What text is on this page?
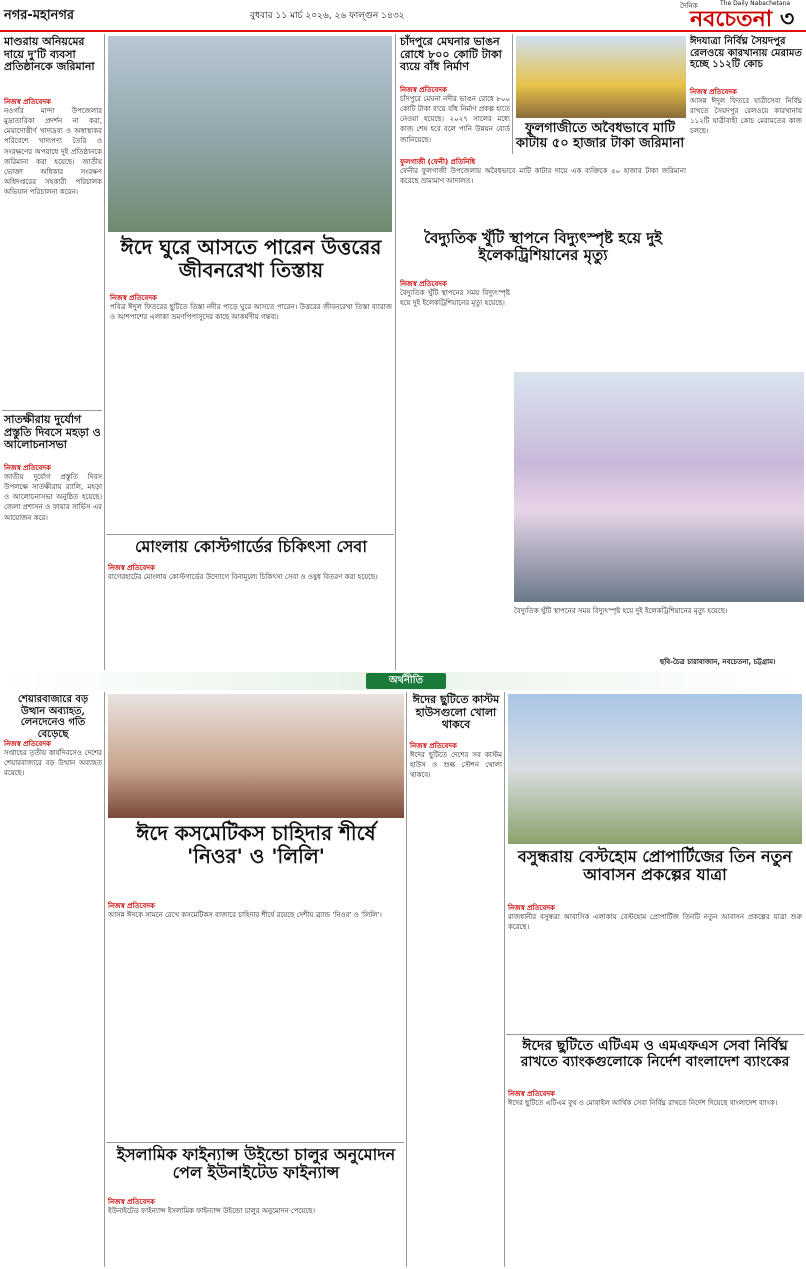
নগর-মহানগর	বুধবার ১১ মার্চ ২০২৬, ২৬ ফাল্গুন ১৪৩২	নবচেতনা
দৈনিক	The Daily Nabachetana
৩
মাণ্ডরায় অনিয়মের দায়ে দু'টি ব্যবসা প্রতিষ্ঠানকে জরিমানা
নিজস্ব প্রতিবেদক
নওগাঁর মান্দা উপজেলার মুদ্রাতারিকা প্রদর্শন না করা, মেয়াদোত্তীর্ণ খাদ্যদ্রব্য ও অস্বাস্থ্যকর পরিবেশে খাদ্যপণ্য তৈরি ও সংরক্ষণের অপরাধে দুই প্রতিষ্ঠানকে জরিমানা করা হয়েছে। জাতীয় ভোক্তা অধিকার সংরক্ষণ অধিদপ্তরের সহকারী পরিচালক অভিযান পরিচালনা করেন।
সাতক্ষীরায় দুর্যোগ প্রস্তুতি দিবসে মহড়া ও আলোচনাসভা
নিজস্ব প্রতিবেদক
জাতীয় দুর্যোগ প্রস্তুতি দিবস উপলক্ষে সাতক্ষীরায় র‍্যালি, মহড়া ও আলোচনাসভা অনুষ্ঠিত হয়েছে। জেলা প্রশাসন ও ফায়ার সার্ভিস এর আয়োজন করে।
ঈদে ঘুরে আসতে পারেন উত্তরের জীবনরেখা তিস্তায়
নিজস্ব প্রতিবেদক
পবিত্র ঈদুল ফিতরের ছুটিতে তিস্তা নদীর পাড়ে ঘুরে আসতে পারেন। উত্তরের জীবনরেখা তিস্তা ব্যারাজ ও আশপাশের এলাকা ভ্রমণপিপাসুদের কাছে আকর্ষণীয় গন্তব্য।
চাঁদপুরে মেঘনার ভাঙন রোধে ৮০০ কোটি টাকা ব্যয়ে বাঁধ নির্মাণ
নিজস্ব প্রতিবেদক
চাঁদপুরে মেঘনা নদীর ভাঙন রোধে ৮০০ কোটি টাকা ব্যয়ে বাঁধ নির্মাণ প্রকল্প হাতে নেওয়া হয়েছে। ২০২৭ সালের মধ্যে কাজ শেষ হবে বলে পানি উন্নয়ন বোর্ড জানিয়েছে।
ঈদযাত্রা নির্বিঘ্ন সৈয়দপুর রেলওয়ে কারখানায় মেরামত হচ্ছে ১১২টি কোচ
নিজস্ব প্রতিবেদক
আসন্ন ঈদুল ফিতরে যাত্রীসেবা নির্বিঘ্ন রাখতে সৈয়দপুর রেলওয়ে কারখানায় ১১২টি যাত্রীবাহী কোচ মেরামতের কাজ চলছে।
ফুলগাজীতে অবৈধভাবে মাটি কাটায় ৫০ হাজার টাকা জরিমানা
ফুলগাজী (ফেনী) প্রতিনিধি
ফেনীর ফুলগাজী উপজেলায় অবৈধভাবে মাটি কাটার দায়ে এক ব্যক্তিকে ৫০ হাজার টাকা জরিমানা করেছে ভ্রাম্যমাণ আদালত।
বৈদ্যুতিক খুঁটি স্থাপনে বিদ্যুৎস্পৃষ্ট হয়ে দুই ইলেকট্রিশিয়ানের মৃত্যু
নিজস্ব প্রতিবেদক
বৈদ্যুতিক খুঁটি স্থাপনের সময় বিদ্যুৎস্পৃষ্ট হয়ে দুই ইলেকট্রিশিয়ানের মৃত্যু হয়েছে।
বৈদ্যুতিক খুঁটি স্থাপনের সময় বিদ্যুৎস্পৃষ্ট হয়ে দুই ইলেকট্রিশিয়ানের মৃত্যু হয়েছে।
ছবি-চৈত্র চারাবাজান, নবচেতনা, চট্টগ্রাম।
মোংলায় কোস্টগার্ডের চিকিৎসা সেবা
নিজস্ব প্রতিবেদক
বাগেরহাটের মোংলায় কোস্টগার্ডের উদ্যোগে বিনামূল্যে চিকিৎসা সেবা ও ওষুধ বিতরণ করা হয়েছে।
অর্থনীতি
শেয়ারবাজারে বড় উত্থান অব্যাহত, লেনদেনেও গতি বেড়েছে
নিজস্ব প্রতিবেদক
সপ্তাহের তৃতীয় কার্যদিবসেও দেশের শেয়ারবাজারে বড় উত্থান অব্যাহত রয়েছে।
ঈদে কসমেটিকস চাহিদার শীর্ষে 'নিওর' ও 'লিলি'
নিজস্ব প্রতিবেদক
আসন্ন ঈদকে সামনে রেখে কসমেটিকস বাজারে চাহিদার শীর্ষে রয়েছে দেশীয় ব্র্যান্ড 'নিওর' ও 'লিলি'।
ইসলামিক ফাইন্যান্স উইন্ডো চালুর অনুমোদন পেল ইউনাইটেড ফাইন্যান্স
নিজস্ব প্রতিবেদক
ইউনাইটেড ফাইন্যান্স ইসলামিক ফাইন্যান্স উইন্ডো চালুর অনুমোদন পেয়েছে।
ঈদের ছুটিতে কাস্টম হাউসগুলো খোলা থাকবে
নিজস্ব প্রতিবেদক
ঈদের ছুটিতে দেশের সব কাস্টম হাউস ও শুল্ক স্টেশন খোলা থাকবে।
বসুন্ধরায় বেস্টহোম প্রোপার্টিজের তিন নতুন আবাসন প্রকল্পের যাত্রা
নিজস্ব প্রতিবেদক
রাজধানীর বসুন্ধরা আবাসিক এলাকায় বেস্টহোম প্রোপার্টিজ তিনটি নতুন আবাসন প্রকল্পের যাত্রা শুরু করেছে।
ঈদের ছুটিতে এটিএম ও এমএফএস সেবা নির্বিঘ্ন রাখতে ব্যাংকগুলোকে নির্দেশ বাংলাদেশ ব্যাংকের
নিজস্ব প্রতিবেদক
ঈদের ছুটিতে এটিএম বুথ ও মোবাইল আর্থিক সেবা নির্বিঘ্ন রাখতে নির্দেশ দিয়েছে বাংলাদেশ ব্যাংক।
